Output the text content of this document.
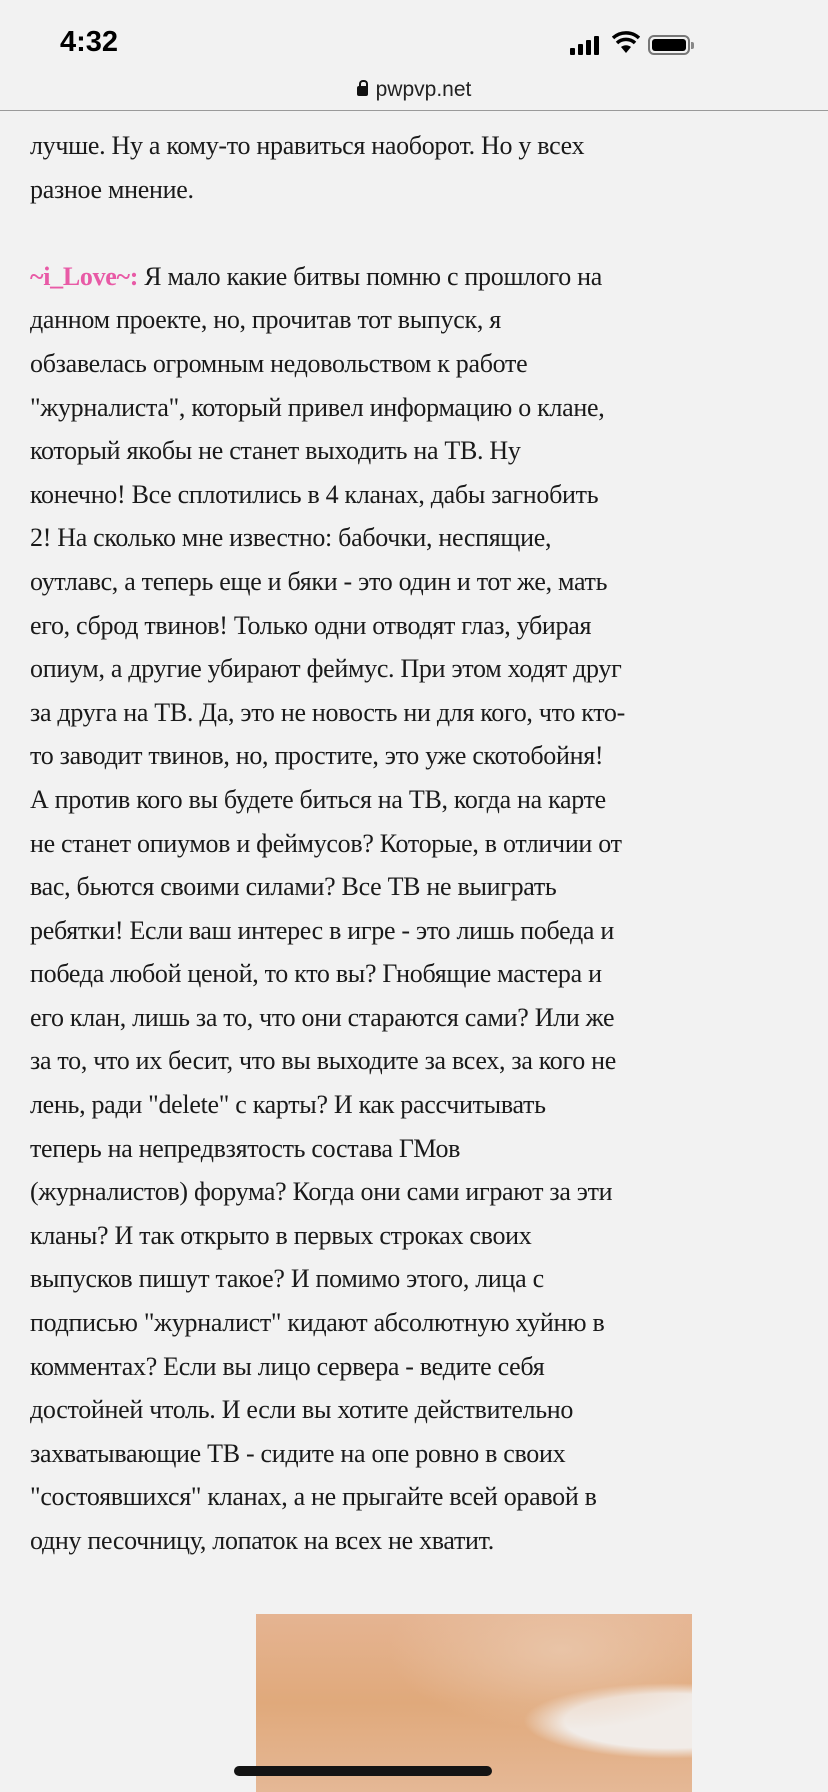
4:32
pwpvp.net
лучше. Ну а кому-то нравиться наоборот. Но у всех
разное мнение.
~i_Love~: Я мало какие битвы помню с прошлого на
данном проекте, но, прочитав тот выпуск, я
обзавелась огромным недовольством к работе
"журналиста", который привел информацию о клане,
который якобы не станет выходить на ТВ. Ну
конечно! Все сплотились в 4 кланах, дабы загнобить
2! На сколько мне известно: бабочки, неспящие,
оутлавс, а теперь еще и бяки - это один и тот же, мать
его, сброд твинов! Только одни отводят глаз, убирая
опиум, а другие убирают феймус. При этом ходят друг
за друга на ТВ. Да, это не новость ни для кого, что кто-
то заводит твинов, но, простите, это уже скотобойня!
А против кого вы будете биться на ТВ, когда на карте
не станет опиумов и феймусов? Которые, в отличии от
вас, бьются своими силами? Все ТВ не выиграть
ребятки! Если ваш интерес в игре - это лишь победа и
победа любой ценой, то кто вы? Гнобящие мастера и
его клан, лишь за то, что они стараются сами? Или же
за то, что их бесит, что вы выходите за всех, за кого не
лень, ради "delete" с карты? И как рассчитывать
теперь на непредвзятость состава ГМов
(журналистов) форума? Когда они сами играют за эти
кланы? И так открыто в первых строках своих
выпусков пишут такое? И помимо этого, лица с
подписью "журналист" кидают абсолютную хуйню в
комментах? Если вы лицо сервера - ведите себя
достойней чтоль. И если вы хотите действительно
захватывающие ТВ - сидите на опе ровно в своих
"состоявшихся" кланах, а не прыгайте всей оравой в
одну песочницу, лопаток на всех не хватит.
